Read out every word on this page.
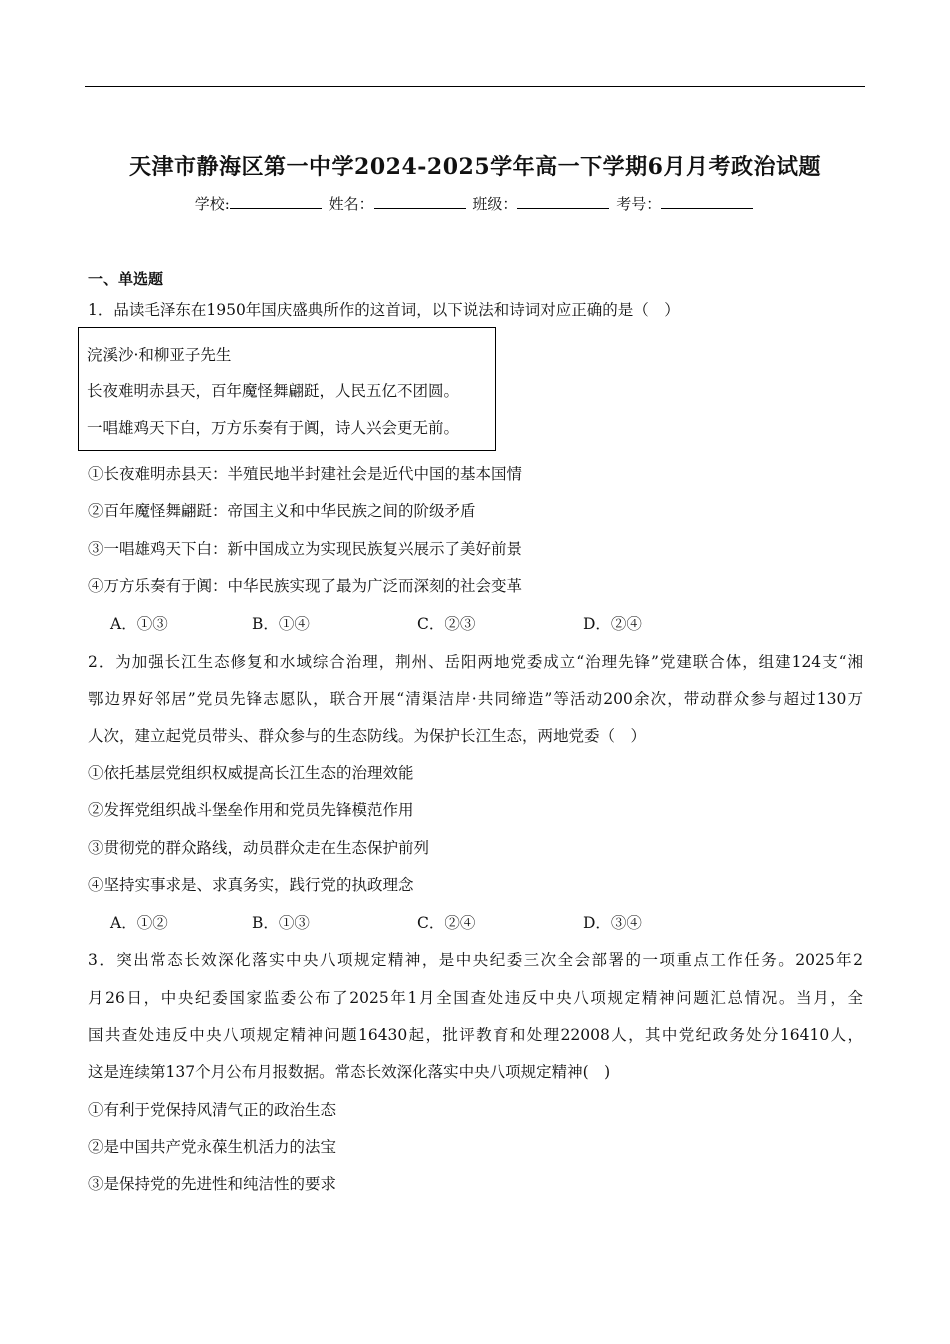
天津市静海区第一中学2024-2025学年高一下学期6月月考政治试题
学校:	姓名：	班级：	考号：
一、单选题
1．品读毛泽东在1950年国庆盛典所作的这首词，以下说法和诗词对应正确的是（　）
浣溪沙·和柳亚子先生
长夜难明赤县天，百年魔怪舞翩跹，人民五亿不团圆。
一唱雄鸡天下白，万方乐奏有于阗，诗人兴会更无前。
①长夜难明赤县天：半殖民地半封建社会是近代中国的基本国情
②百年魔怪舞翩跹：帝国主义和中华民族之间的阶级矛盾
③一唱雄鸡天下白：新中国成立为实现民族复兴展示了美好前景
④万方乐奏有于阗：中华民族实现了最为广泛而深刻的社会变革
A．①③	B．①④	C．②③	D．②④
2．为加强长江生态修复和水域综合治理，荆州、岳阳两地党委成立“治理先锋”党建联合体，组建124支“湘
鄂边界好邻居”党员先锋志愿队，联合开展“清渠洁岸·共同缔造”等活动200余次，带动群众参与超过130万
人次，建立起党员带头、群众参与的生态防线。为保护长江生态，两地党委（　）
①依托基层党组织权威提高长江生态的治理效能
②发挥党组织战斗堡垒作用和党员先锋模范作用
③贯彻党的群众路线，动员群众走在生态保护前列
④坚持实事求是、求真务实，践行党的执政理念
A．①②	B．①③	C．②④	D．③④
3．突出常态长效深化落实中央八项规定精神，是中央纪委三次全会部署的一项重点工作任务。2025年2
月26日，中央纪委国家监委公布了2025年1月全国查处违反中央八项规定精神问题汇总情况。当月，全
国共查处违反中央八项规定精神问题16430起，批评教育和处理22008人，其中党纪政务处分16410人，
这是连续第137个月公布月报数据。常态长效深化落实中央八项规定精神(　)
①有利于党保持风清气正的政治生态
②是中国共产党永葆生机活力的法宝
③是保持党的先进性和纯洁性的要求
